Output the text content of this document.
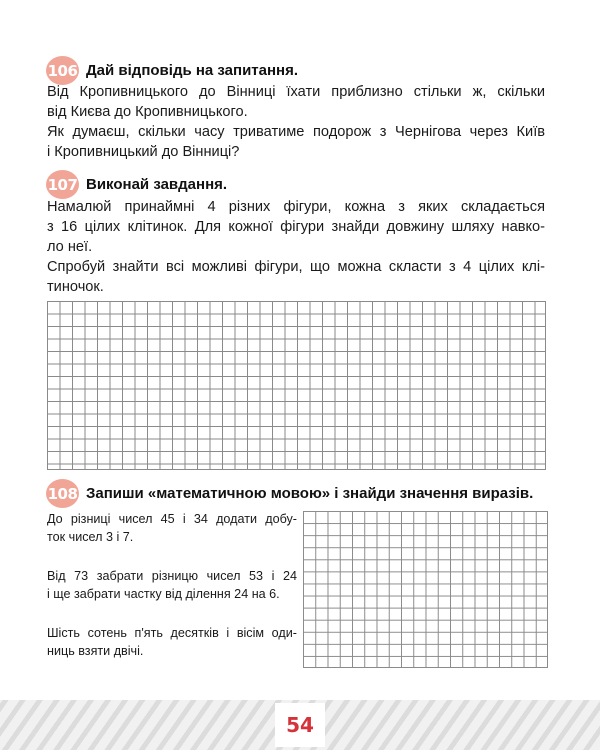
106 Дай відповідь на запитання.
Від Кропивницького до Вінниці їхати приблизно стільки ж, скільки
від Києва до Кропивницького.
Як думаєш, скільки часу триватиме подорож з Чернігова через Київ
і Кропивницький до Вінниці?
107 Виконай завдання.
Намалюй принаймні 4 різних фігури, кожна з яких складається
з 16 цілих клітинок. Для кожної фігури знайди довжину шляху навко-
ло неї.
Спробуй знайти всі можливі фігури, що можна скласти з 4 цілих клі-
тиночок.
108 Запиши «математичною мовою» і знайди значення виразів.
До різниці чисел 45 і 34 додати добу-
ток чисел 3 і 7.
Від 73 забрати різницю чисел 53 і 24
і ще забрати частку від ділення 24 на 6.
Шість сотень п'ять десятків і вісім оди-
ниць взяти двічі.
54
